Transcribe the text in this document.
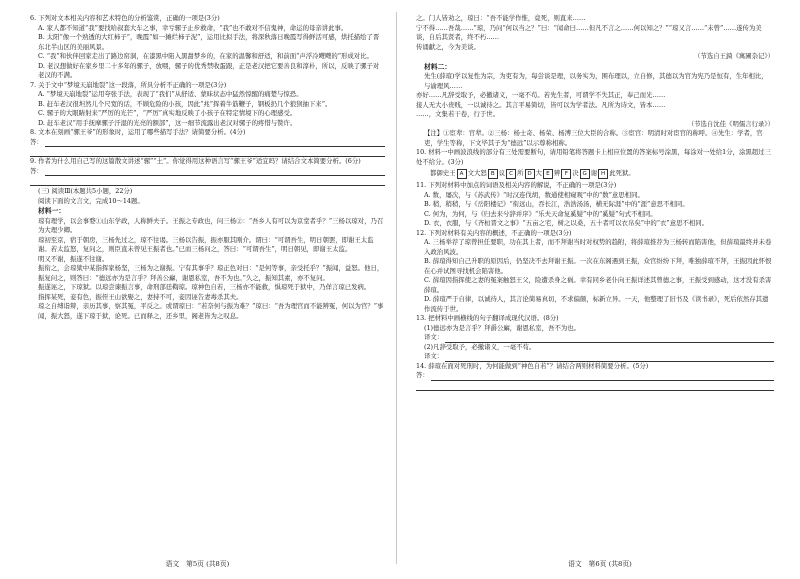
6. 下列对文本相关内容和艺术特色的分析鉴赏，正确的一项是(3分)

A. 家人都不知道“我”要找哈叔套大车之事，幸亏骡子止步救命，“我”也不敢对不信鬼神，命运的母亲讲此事。

B. 太阳“像一个熟透的大红柿子”，晚霞“如一摊烂柿子泥”，运用比拟手法，将深秋落日晚霞写得鲜活可感，烘托描绘了晋东北半山区的美丽风景。

C. “我”和伙伴回家走出了路边窑洞，在漆黑中陷入黑甜梦乡的，在家的温馨和舒适，和前面“声浮冷飕飕的”形成对比。

D. 老汉想做好在家乡里二十多年的骡子，放喂，骡子的优秀禁收蛋跟，正是老汉把它要善良和淳朴，所以，反映了骡子对老汉的不满。

7. 关于文中“梦境天崩地裂”这一段落，所具分析不正确的一项是(3分)

A. “梦境天崩地裂”运用夸张手法，表现了“我们”从舒适、蒙昧状态中猛然惊醒的痛楚与惊恐。

B. 赶车老汉很坦然儿个尺宽的话，不顾危险的小孩，因此“兆”挥着牛筋鞭子，钢板扔几个狼狈抽下来”。

C. 骡子的大眼睛射来“严厉的光芒”，“严厉”真实地反映了小孩子在特定情境下的心理感受。

D. 赶车老汉“用手抚摩骡子汗湿的光亮的额部”，这一细节流露出老汉对骡子的疼惜与赞许。

8. 文本在刻画“骡王爷”的形象时，运用了哪些描写手法？请简要分析。(4分)

答：

9. 作者为什么用自己写的这篇散文讲述“骡”“土”。你觉得用这种语言写“骡王爷”适宜吗？请结合文本简要分析。(6分)

答：

(三) 阅读Ⅲ(本题共5小题，22分)

阅读下面的文言文，完成10～14题。

材料一：

琼有理学，以会事婺①山东学政，人称鲜夫子。王振之专政也，问三杨②：“吾乡人有可以为京堂者乎？”三杨以琼对，乃召为大理少卿。

琼初至京，宿于朝房，三杨先过之，琼不往谒。三杨以告振，振亦服其刚介。谓曰：“可谓吾生，明日朝罢，即谢王太监谢。若太监怒，复问之，则臣直未曾见王振者也。”已而三杨问之，答曰：“可谓吾生”，明日朝见，即谢王太监。

明又不谢，振遂不往谢。

振衔之，会琼狱中某指挥家杨坚，三杨为之谢振。宁有其事乎？琼正色对曰：“是何等事，亲受托乎？”振闻，益怒。他日，振复问之，则答曰：“德远亦为是言乎？拜善公廨，谢恩私室，吾不为也。”久之，振知其素，亦不复问。

振遂诬之，下琼狱。以琼尝谏振言事，命刑部廷鞫琼。琼神色自若，三杨亦不能救，惧琼死于狱中，乃佯言琼已发病。

指挥某死，妾有色，振侄王山欲娶之，妻持不可，妾因诬告妻毒杀其夫。

琼之自缚诣辩，亲历其事，察其冤，平反之。或谓琼曰：“若奈何与振为难？”琼曰：“吾为理官而不能辨冤，何以为官？”事闻，振大怒，遂下琼于狱，论死。已而释之，还乡里，阁老皆为之叹息。

语文　第5页 (共8页)

之。门人皆劝之，琼曰：“吾不能学作惟，竟死，则直来……

宁不得……吾哉……”琼，乃问“何以当之？”曰：“闻命曰……但凡不言之……何以知之？”“琼又言……“未曾”……遂传为美谈，自后其贤者，终不朽……

传诵献之，今为美谈。

（节选自王錡《寓圃杂记》）

材料二：

先生(薛瑄)学以复性为宗，为吏有为，每尝谈是理，以务实为，围布理以，立自修，其德以为官为宪乃是恒有，生年相比，与谕理风……

亦好……凡辞受取予，必撤诸义，一毫不苟。若先生者，可谓学不失其正，奉己而光……

接人无大小贵贱，一以诚待之。其言平易简切，皆可以为学者法。凡所为诗文，皆本……

……，文集若干卷，行于世。

（节选自沈佳《明儒言行录》）

【注】①宦辈：官辈。②三杨：杨士奇、杨荣、杨溥三位大臣的合称。③宦官：明清时对宦官的称呼。④先生：学者，官吏，学生等称，下文毕其子为“德远”以示尊称相称。

10. 材料一中画波浪线的部分有三处需要断句，请用铅笔将答题卡上相应位置的答案标号涂黑，每涂对一处给1分，涂黑超过三处不给分。(3分)

都御史王 A 文大怒 B 议 C 所 D 大 E 辨 F 决 G 谢 H 此死狱。

11. 下列对材料中加点的词语及相关内容的解说，不正确的一项是(3分)

A. 数，屡次，与《苏武传》“时汉连伐胡，数通使相窥观”中的“数”意思相同。

B. 稍，稍稍，与《岳阳楼记》“衔远山，吞长江，浩浩汤汤，横无际涯”中的“涯”意思不相同。

C. 何为，为何，与《归去来兮辞并序》“乐夫天命复奚疑”中的“奚疑”句式不相同。

D. 衣，衣服，与《齐桓晋文之事》“五亩之宅，树之以桑，五十者可以衣帛矣”中的“衣”意思不相同。

12. 下列对材料有关内容的概述，不正确的一项是(3分)

A. 三杨举荐了琼曾担任要职，功在其上者，而不拜谢当时对权势的趋附，将薛瑄推荐为三杨转而陷害他，但薛瑄最终并未卷入政治风波。

B. 薛瑄得知自己升职的原因后，仍坚决不去拜谢王振。一次在东阁遇到王振，众官纷纷下拜，唯独薛瑄不拜，王振因此怀恨在心并试图寻找机会陷害他。

C. 薛瑄因指挥使之妻的冤案触怒王父，险遭杀身之祸。幸有同乡老仆向王振详述其曾德之事，王振受到感动，这才没有杀害薛瑄。

D. 薛瑄严于自律，以诚待人，其言论简易真切，不求偏颇，标新立异。一天，他整理了旧书及《读书录》，死后依然存其遗作流传于世。

13. 把材料中画横线的句子翻译成现代汉语。(8分)

(1)德远亦为是言乎？拜爵公廨，谢恩私室，吾不为也。

译文：

(2)凡辞受取予，必撤诸义，一毫不苟。

译文：

14. 薛瑄在面对死刑时，为何能做到“神色自若”？请结合两则材料简要分析。(5分)

答：
语文　第6页 (共8页)
